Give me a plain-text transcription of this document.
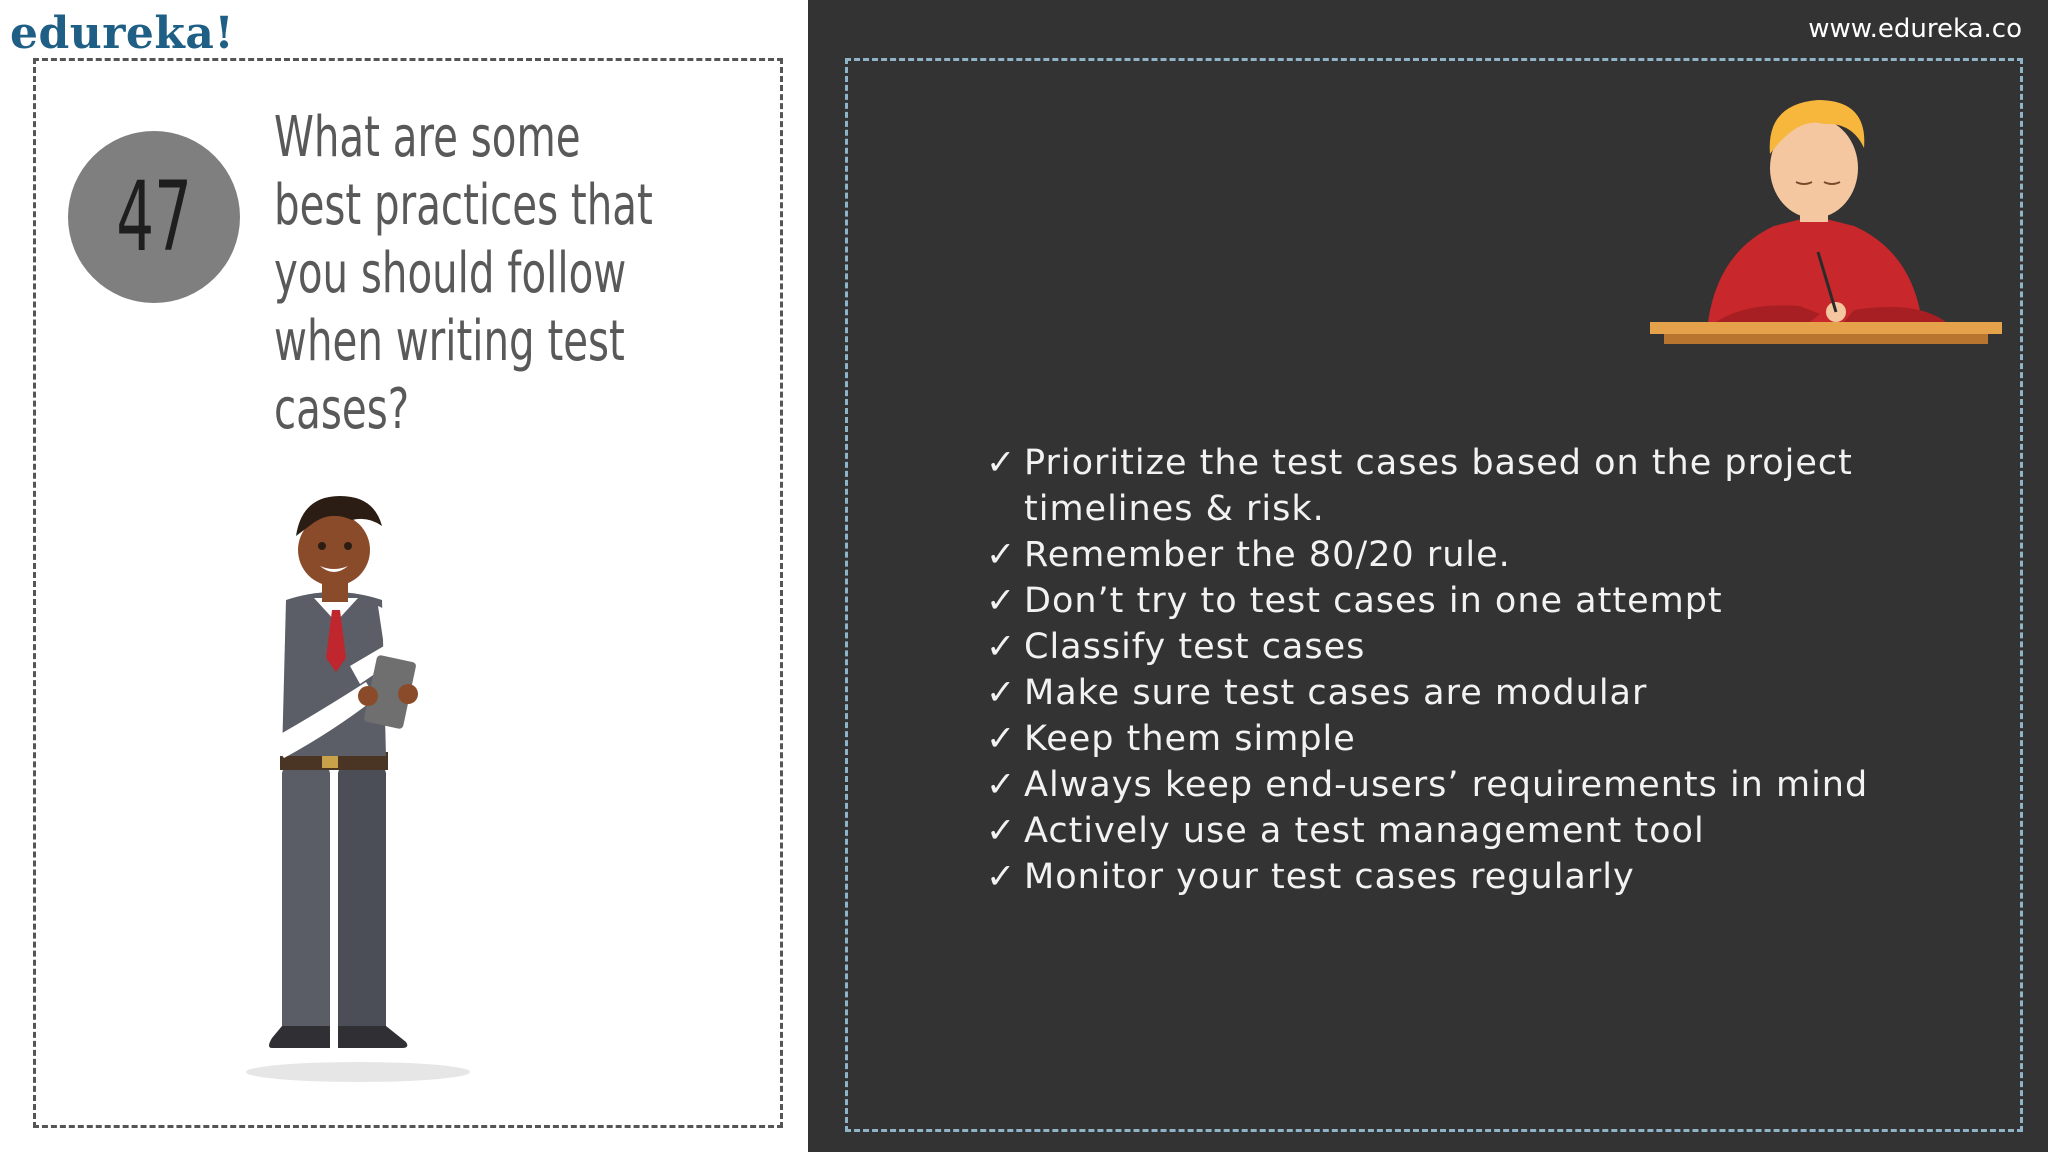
edureka!
47
What are some best practices that you should follow when writing test cases?
www.edureka.co
✓ Prioritize the test cases based on the project timelines & risk.
✓ Remember the 80/20 rule.
✓ Don’t try to test cases in one attempt
✓ Classify test cases
✓ Make sure test cases are modular
✓ Keep them simple
✓ Always keep end-users’ requirements in mind
✓ Actively use a test management tool
✓ Monitor your test cases regularly
